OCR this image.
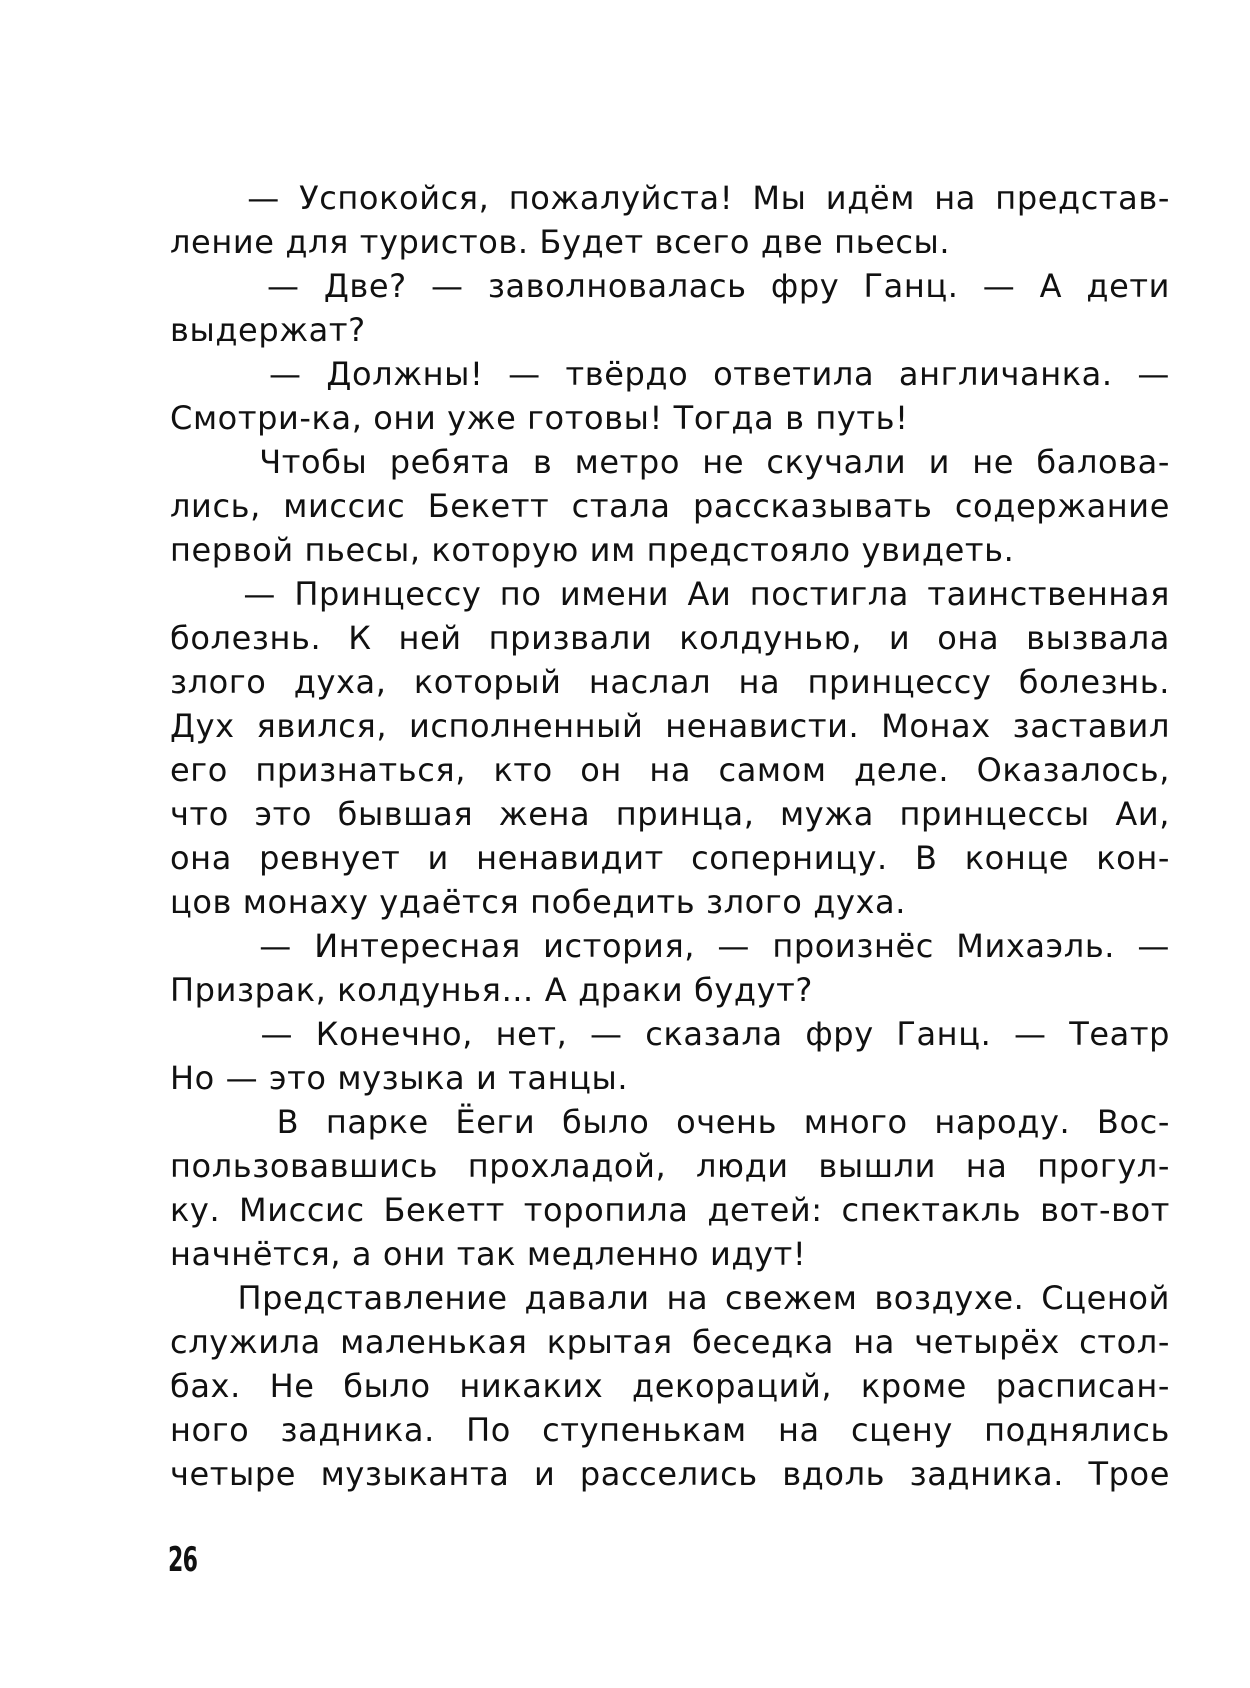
— Успокойся, пожалуйста! Мы идём на представ-
ление для туристов. Будет всего две пьесы.
— Две? — заволновалась фру Ганц. — А дети
выдержат?
— Должны! — твёрдо ответила англичанка. —
Смотри-ка, они уже готовы! Тогда в путь!
Чтобы ребята в метро не скучали и не балова-
лись, миссис Бекетт стала рассказывать содержание
первой пьесы, которую им предстояло увидеть.
— Принцессу по имени Аи постигла таинственная
болезнь. К ней призвали колдунью, и она вызвала
злого духа, который наслал на принцессу болезнь.
Дух явился, исполненный ненависти. Монах заставил
его признаться, кто он на самом деле. Оказалось,
что это бывшая жена принца, мужа принцессы Аи,
она ревнует и ненавидит соперницу. В конце кон-
цов монаху удаётся победить злого духа.
— Интересная история, — произнёс Михаэль. —
Призрак, колдунья… А драки будут?
— Конечно, нет, — сказала фру Ганц. — Театр
Но — это музыка и танцы.
В парке Ёеги было очень много народу. Вос-
пользовавшись прохладой, люди вышли на прогул-
ку. Миссис Бекетт торопила детей: спектакль вот-вот
начнётся, а они так медленно идут!
Представление давали на свежем воздухе. Сценой
служила маленькая крытая беседка на четырёх стол-
бах. Не было никаких декораций, кроме расписан-
ного задника. По ступенькам на сцену поднялись
четыре музыканта и расселись вдоль задника. Трое
26
